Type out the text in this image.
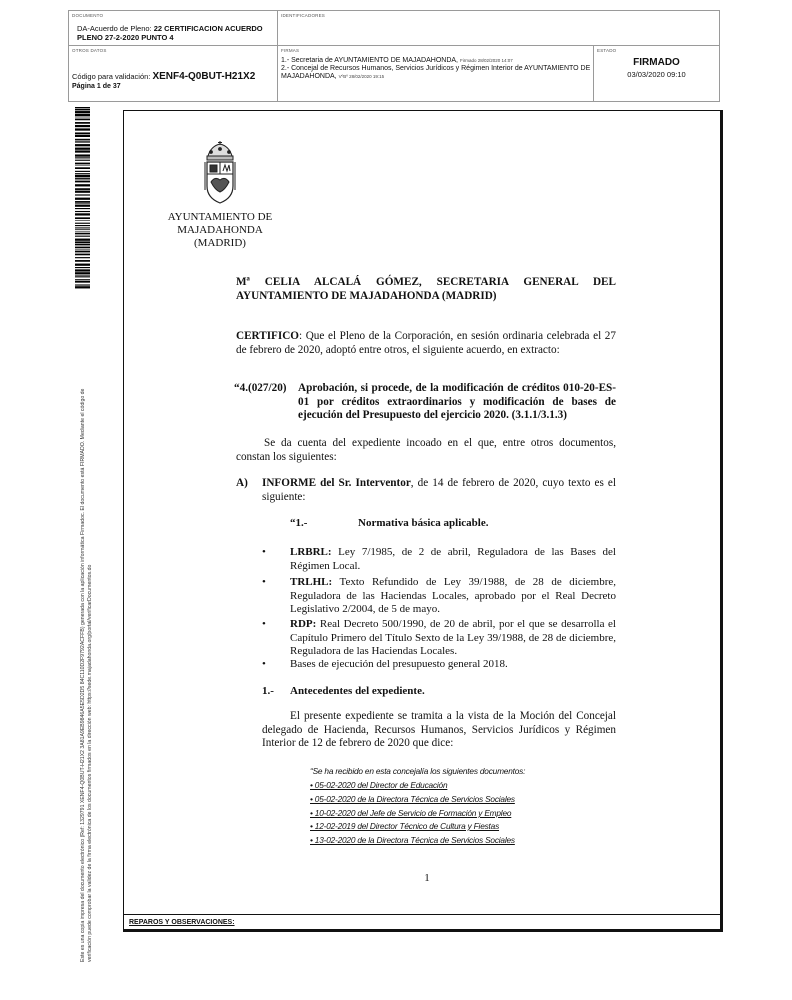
DOCUMENTO
DA-Acuerdo de Pleno: 22 CERTIFICACION ACUERDO
PLENO 27-2-2020 PUNTO 4
IDENTIFICADORES
OTROS DATOS
Código para validación: XENF4-Q0BUT-H21X2
Página 1 de 37
FIRMAS
1.- Secretaria de AYUNTAMIENTO DE MAJADAHONDA, Firmado 28/02/2020 14:07
2.- Concejal de Recursos Humanos, Servicios Jurídicos y Régimen Interior de AYUNTAMIENTO DE MAJADAHONDA, VºBº 28/02/2020 19:15
ESTADO
FIRMADO
03/03/2020 09:10
Este es una copia impresa del documento electrónico (Ref: 1329791 XENF4-Q0BUT-H21X2 3A81A9EB9846A5E5D2D5 84C110D2F9792ACFFB) generada con la aplicación informática Firmadoc. El documento está FIRMADO. Mediante el código de verificación puede comprobar la validez de la firma electrónica de los documentos firmados en la dirección web: https://sede.majadahonda.org/portal/verificarDocumentos.do
AYUNTAMIENTO DE
MAJADAHONDA
(MADRID)
Mª CELIA ALCALÁ GÓMEZ, SECRETARIA GENERAL DEL
AYUNTAMIENTO DE MAJADAHONDA (MADRID)
CERTIFICO: Que el Pleno de la Corporación, en sesión ordinaria celebrada el 27 de febrero de 2020, adoptó entre otros, el siguiente acuerdo, en extracto:
“4.(027/20) Aprobación, si procede, de la modificación de créditos 010-20-ES-01 por créditos extraordinarios y modificación de bases de ejecución del Presupuesto del ejercicio 2020. (3.1.1/3.1.3)
Se da cuenta del expediente incoado en el que, entre otros documentos, constan los siguientes:
A) INFORME del Sr. Interventor, de 14 de febrero de 2020, cuyo texto es el siguiente:
“1.-	Normativa básica aplicable.
• LRBRL: Ley 7/1985, de 2 de abril, Reguladora de las Bases del Régimen Local.
• TRLHL: Texto Refundido de Ley 39/1988, de 28 de diciembre, Reguladora de las Haciendas Locales, aprobado por el Real Decreto Legislativo 2/2004, de 5 de mayo.
• RDP: Real Decreto 500/1990, de 20 de abril, por el que se desarrolla el Capítulo Primero del Título Sexto de la Ley 39/1988, de 28 de diciembre, Reguladora de las Haciendas Locales.
• Bases de ejecución del presupuesto general 2018.
1.- Antecedentes del expediente.
El presente expediente se tramita a la vista de la Moción del Concejal delegado de Hacienda, Recursos Humanos, Servicios Jurídicos y Régimen Interior de 12 de febrero de 2020 que dice:
“Se ha recibido en esta concejalía los siguientes documentos:
• 05-02-2020 del Director de Educación
• 05-02-2020 de la Directora Técnica de Servicios Sociales
• 10-02-2020 del Jefe de Servicio de Formación y Empleo
• 12-02-2019 del Director Técnico de Cultura y Fiestas
• 13-02-2020 de la Directora Técnica de Servicios Sociales
1
REPAROS Y OBSERVACIONES:
